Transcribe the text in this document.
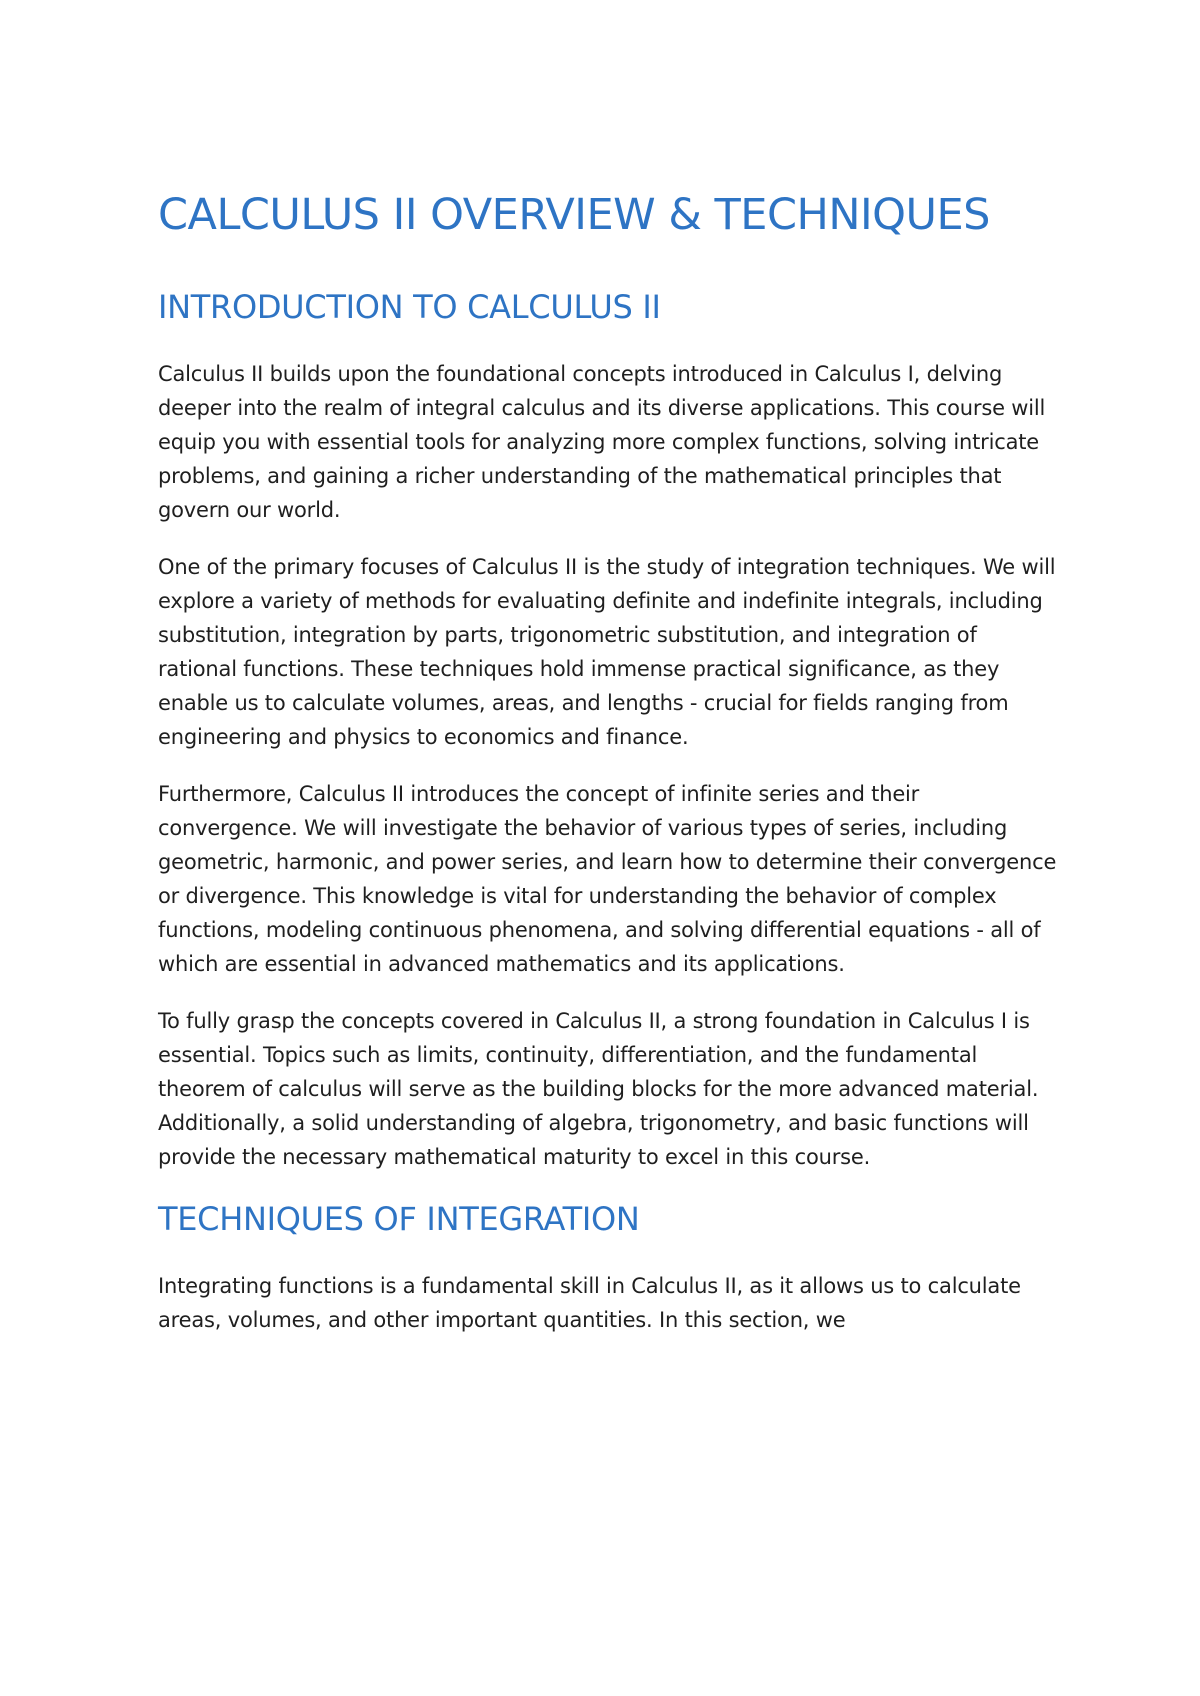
CALCULUS II OVERVIEW & TECHNIQUES
INTRODUCTION TO CALCULUS II

Calculus II builds upon the foundational concepts introduced in Calculus I, delving deeper into the realm of integral calculus and its diverse applications. This course will equip you with essential tools for analyzing more complex functions, solving intricate problems, and gaining a richer understanding of the mathematical principles that govern our world.

One of the primary focuses of Calculus II is the study of integration techniques. We will explore a variety of methods for evaluating definite and indefinite integrals, including substitution, integration by parts, trigonometric substitution, and integration of rational functions. These techniques hold immense practical significance, as they enable us to calculate volumes, areas, and lengths - crucial for fields ranging from engineering and physics to economics and finance.

Furthermore, Calculus II introduces the concept of infinite series and their convergence. We will investigate the behavior of various types of series, including geometric, harmonic, and power series, and learn how to determine their convergence or divergence. This knowledge is vital for understanding the behavior of complex functions, modeling continuous phenomena, and solving differential equations - all of which are essential in advanced mathematics and its applications.

To fully grasp the concepts covered in Calculus II, a strong foundation in Calculus I is essential. Topics such as limits, continuity, differentiation, and the fundamental theorem of calculus will serve as the building blocks for the more advanced material. Additionally, a solid understanding of algebra, trigonometry, and basic functions will provide the necessary mathematical maturity to excel in this course.

TECHNIQUES OF INTEGRATION

Integrating functions is a fundamental skill in Calculus II, as it allows us to calculate areas, volumes, and other important quantities. In this section, we
